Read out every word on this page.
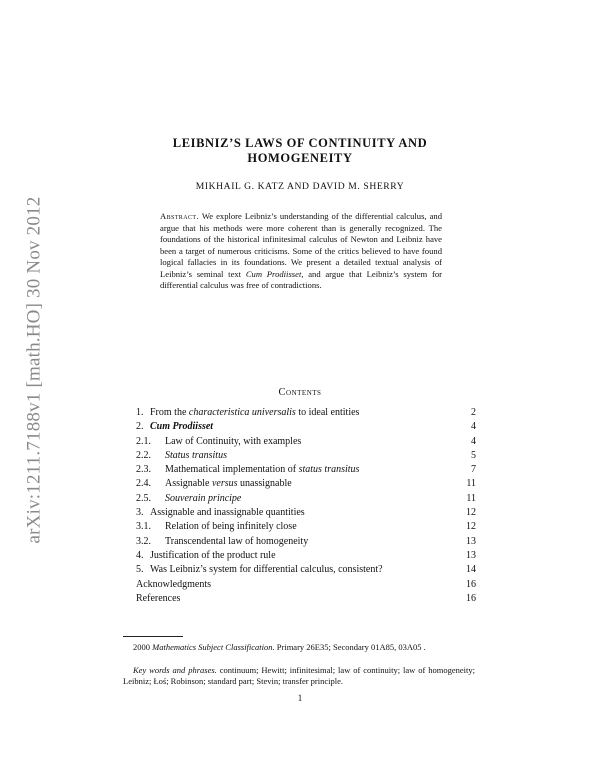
arXiv:1211.7188v1 [math.HO] 30 Nov 2012
LEIBNIZ’S LAWS OF CONTINUITY AND
HOMOGENEITY
MIKHAIL G. KATZ AND DAVID M. SHERRY
Abstract. We explore Leibniz’s understanding of the differential calculus, and argue that his methods were more coherent than is generally recognized. The foundations of the historical infinitesimal calculus of Newton and Leibniz have been a target of numerous criticisms. Some of the critics believed to have found logical fallacies in its foundations. We present a detailed textual analysis of Leibniz’s seminal text Cum Prodiisset, and argue that Leibniz’s system for differential calculus was free of contradictions.
Contents
1. From the characteristica universalis to ideal entities	2
2. Cum Prodiisset	4
2.1.	Law of Continuity, with examples	4
2.2.	Status transitus	5
2.3.	Mathematical implementation of status transitus	7
2.4.	Assignable versus unassignable	11
2.5.	Souverain principe	11
3. Assignable and inassignable quantities	12
3.1.	Relation of being infinitely close	12
3.2.	Transcendental law of homogeneity	13
4. Justification of the product rule	13
5. Was Leibniz’s system for differential calculus, consistent?	14
Acknowledgments	16
References	16
2000 Mathematics Subject Classification. Primary 26E35; Secondary 01A85, 03A05 .
Key words and phrases. continuum; Hewitt; infinitesimal; law of continuity; law of homogeneity; Leibniz; Łoś; Robinson; standard part; Stevin; transfer principle.
1
